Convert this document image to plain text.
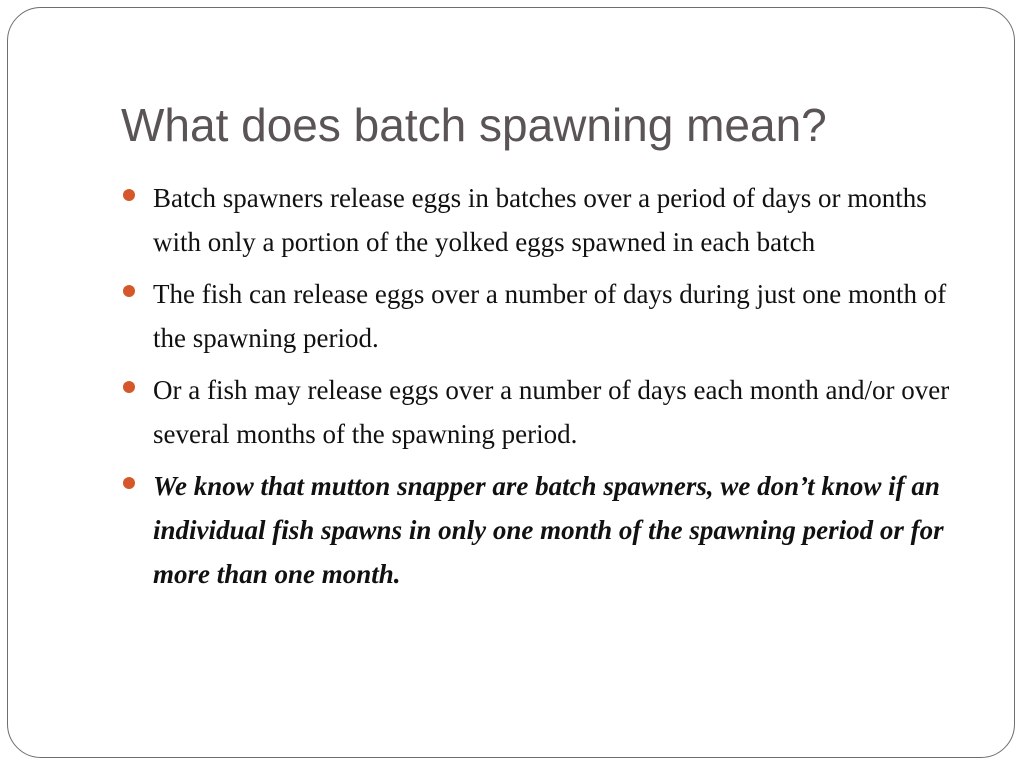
What does batch spawning mean?
Batch spawners release eggs in batches over a period of days or months with only a portion of the yolked eggs spawned in each batch
The fish can release eggs over a number of days during just one month of the spawning period.
Or a fish may release eggs over a number of days each month and/or over several months of the spawning period.
We know that mutton snapper are batch spawners, we don’t know if an individual fish spawns in only one month of the spawning period or for more than one month.
